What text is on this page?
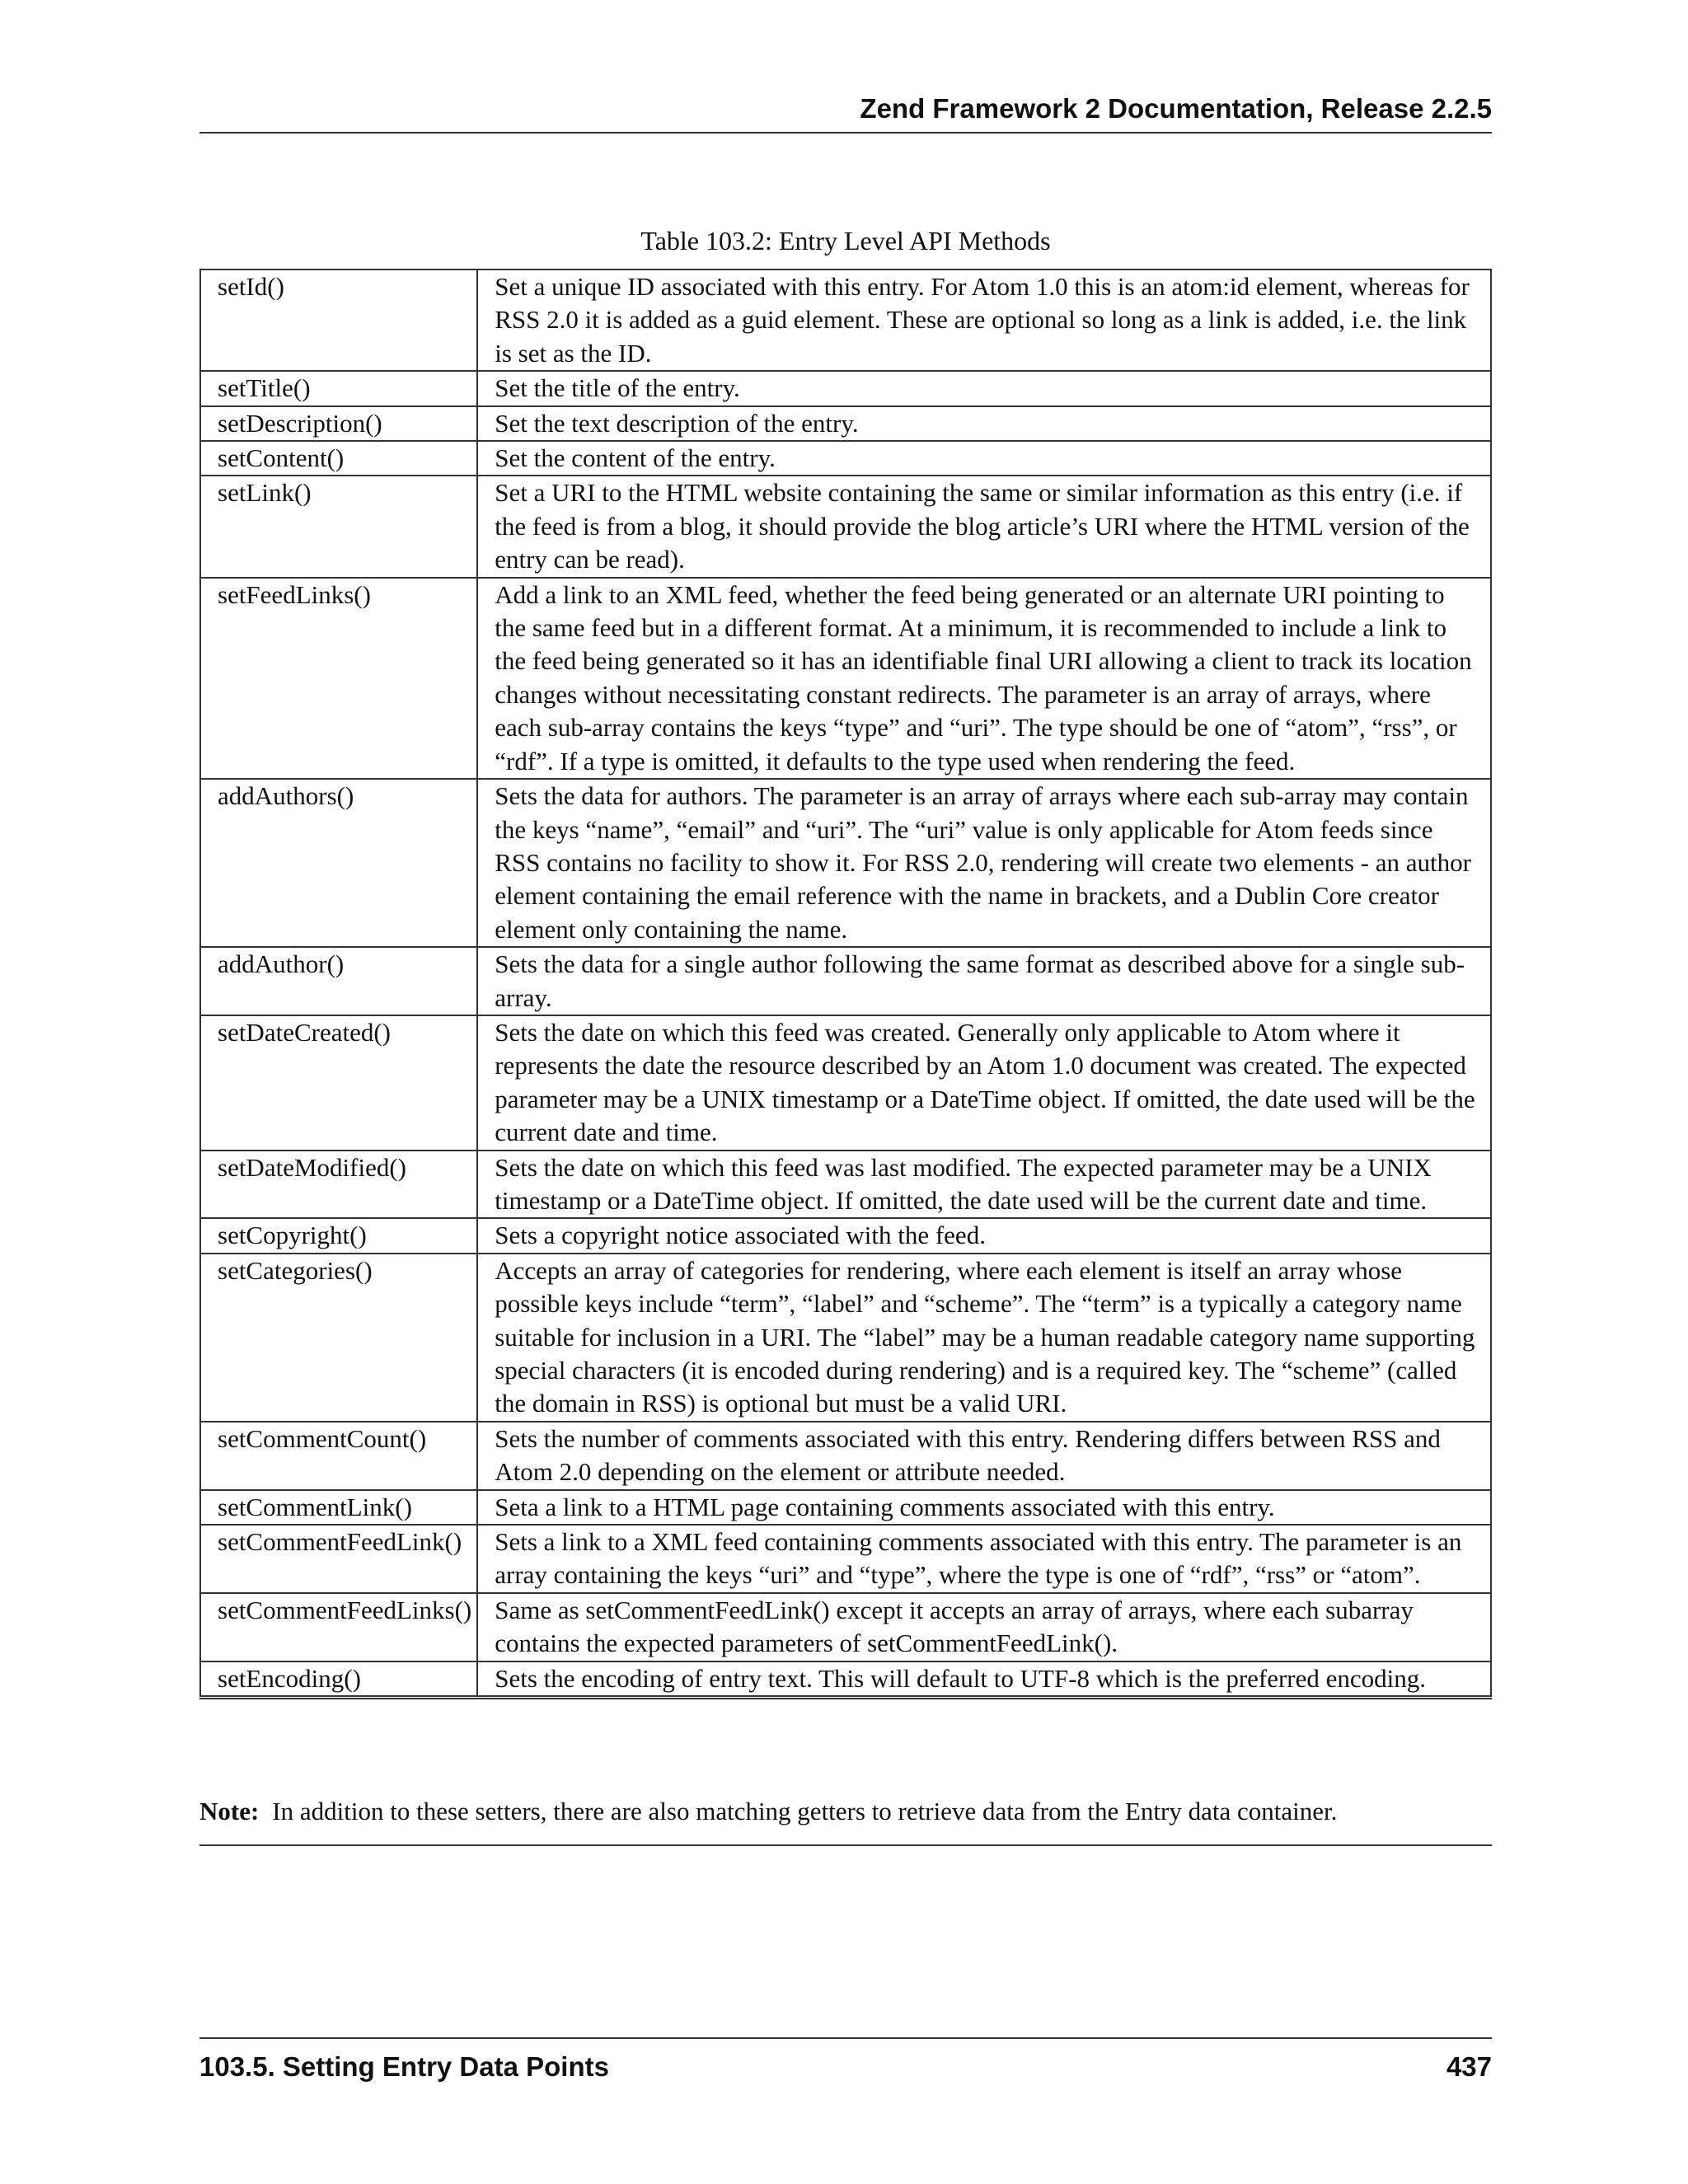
Zend Framework 2 Documentation, Release 2.2.5
Table 103.2: Entry Level API Methods
setId()	Set a unique ID associated with this entry. For Atom 1.0 this is an atom:id element, whereas for RSS 2.0 it is added as a guid element. These are optional so long as a link is added, i.e. the link is set as the ID.
setTitle()	Set the title of the entry.
setDescription()	Set the text description of the entry.
setContent()	Set the content of the entry.
setLink()	Set a URI to the HTML website containing the same or similar information as this entry (i.e. if the feed is from a blog, it should provide the blog article’s URI where the HTML version of the entry can be read).
setFeedLinks()	Add a link to an XML feed, whether the feed being generated or an alternate URI pointing to the same feed but in a different format. At a minimum, it is recommended to include a link to the feed being generated so it has an identifiable final URI allowing a client to track its location changes without necessitating constant redirects. The parameter is an array of arrays, where each sub-array contains the keys “type” and “uri”. The type should be one of “atom”, “rss”, or “rdf”. If a type is omitted, it defaults to the type used when rendering the feed.
addAuthors()	Sets the data for authors. The parameter is an array of arrays where each sub-array may contain the keys “name”, “email” and “uri”. The “uri” value is only applicable for Atom feeds since RSS contains no facility to show it. For RSS 2.0, rendering will create two elements - an author element containing the email reference with the name in brackets, and a Dublin Core creator element only containing the name.
addAuthor()	Sets the data for a single author following the same format as described above for a single sub-array.
setDateCreated()	Sets the date on which this feed was created. Generally only applicable to Atom where it represents the date the resource described by an Atom 1.0 document was created. The expected parameter may be a UNIX timestamp or a DateTime object. If omitted, the date used will be the current date and time.
setDateModified()	Sets the date on which this feed was last modified. The expected parameter may be a UNIX timestamp or a DateTime object. If omitted, the date used will be the current date and time.
setCopyright()	Sets a copyright notice associated with the feed.
setCategories()	Accepts an array of categories for rendering, where each element is itself an array whose possible keys include “term”, “label” and “scheme”. The “term” is a typically a category name suitable for inclusion in a URI. The “label” may be a human readable category name supporting special characters (it is encoded during rendering) and is a required key. The “scheme” (called the domain in RSS) is optional but must be a valid URI.
setCommentCount()	Sets the number of comments associated with this entry. Rendering differs between RSS and Atom 2.0 depending on the element or attribute needed.
setCommentLink()	Seta a link to a HTML page containing comments associated with this entry.
setCommentFeedLink()	Sets a link to a XML feed containing comments associated with this entry. The parameter is an array containing the keys “uri” and “type”, where the type is one of “rdf”, “rss” or “atom”.
setCommentFeedLinks()	Same as setCommentFeedLink() except it accepts an array of arrays, where each subarray contains the expected parameters of setCommentFeedLink().
setEncoding()	Sets the encoding of entry text. This will default to UTF-8 which is the preferred encoding.
Note: In addition to these setters, there are also matching getters to retrieve data from the Entry data container.
103.5. Setting Entry Data Points	437
